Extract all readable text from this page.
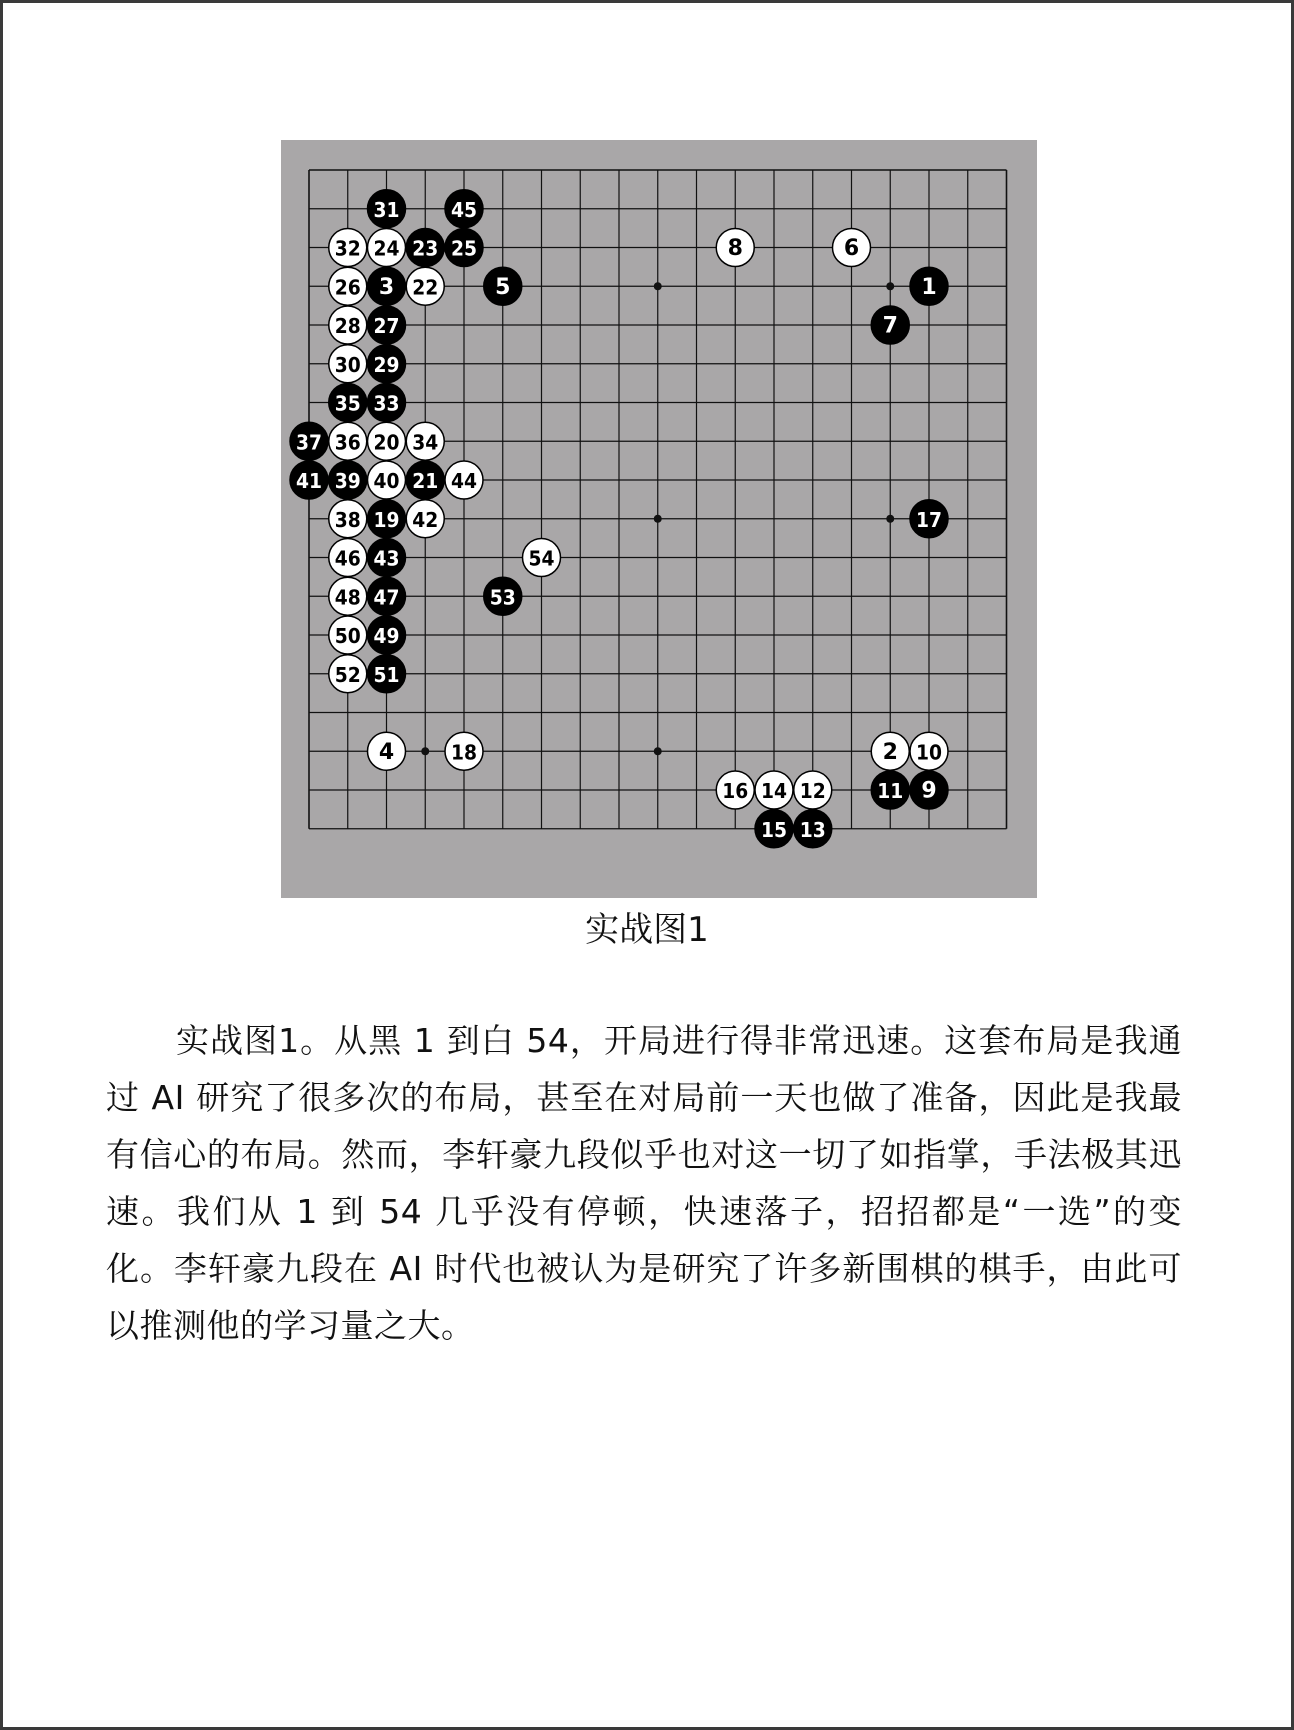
1
2
3
4
5
6
7
8
9
10
11
12
13
14
15
16
17
18
19
20
21
22
23
24	25
26
27
28
29
30
31
32
33
34
35
36
37
38
39 40
41
42
43
44
45
46
47
48
49
50
51
52
53
54
实战图1
实战图1。从黑 1 到白 54，开局进行得非常迅速。这套布局是我通过 AI 研究了很多次的布局，甚至在对局前一天也做了准备，因此是我最有信心的布局。然而，李轩豪九段似乎也对这一切了如指掌，手法极其迅速。我们从 1 到 54 几乎没有停顿，快速落子，招招都是“一选”的变化。李轩豪九段在 AI 时代也被认为是研究了许多新围棋的棋手，由此可以推测他的学习量之大。
